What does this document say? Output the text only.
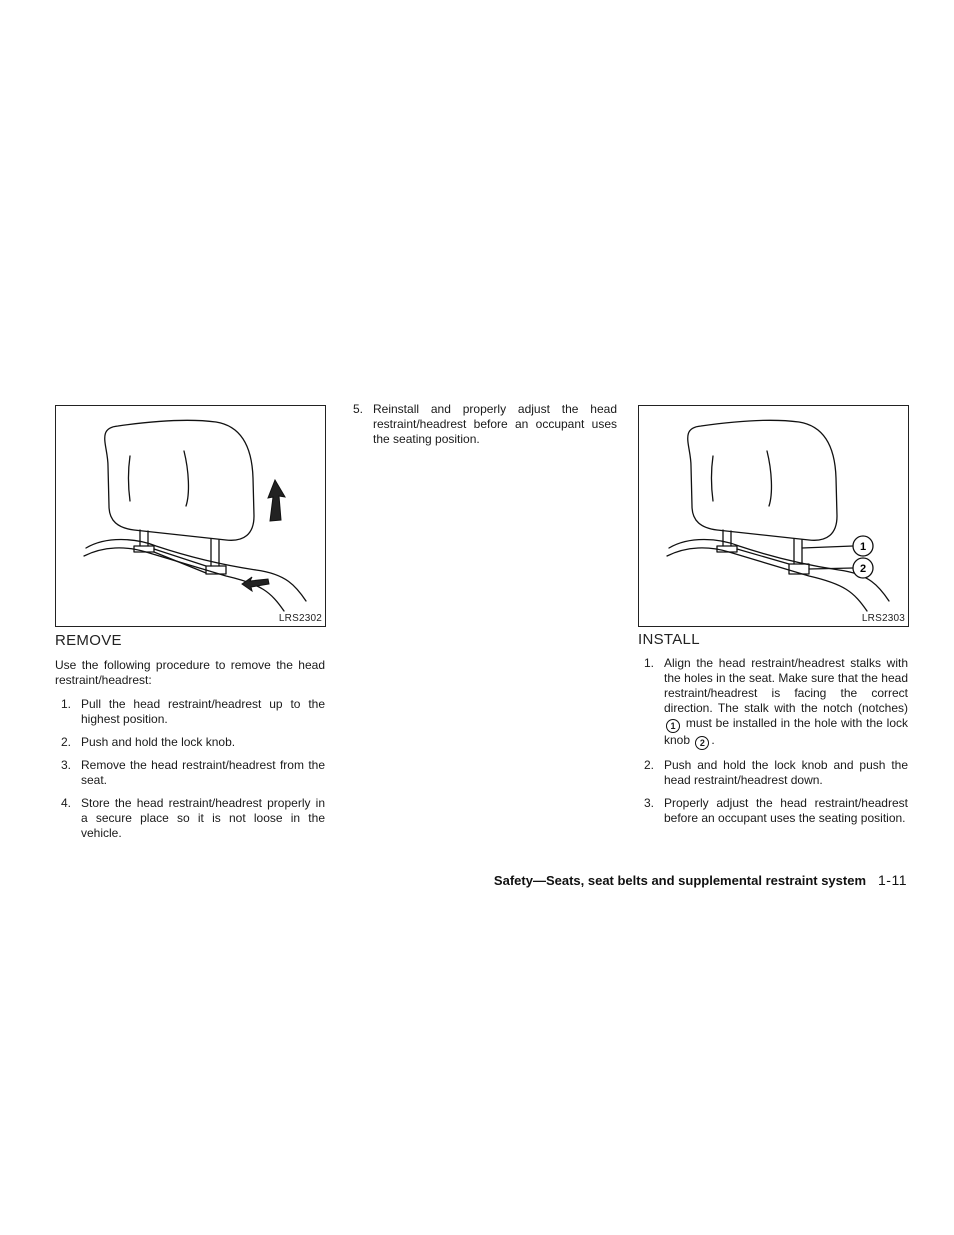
LRS2302
REMOVE
Use the following procedure to remove the head restraint/headrest:
1. Pull the head restraint/headrest up to the highest position.
2. Push and hold the lock knob.
3. Remove the head restraint/headrest from the seat.
4. Store the head restraint/headrest properly in a secure place so it is not loose in the vehicle.
5. Reinstall and properly adjust the head restraint/headrest before an occupant uses the seating position.
1
2
LRS2303
INSTALL
1. Align the head restraint/headrest stalks with the holes in the seat. Make sure that the head restraint/headrest is facing the correct direction. The stalk with the notch (notches) 1 must be installed in the hole with the lock knob 2 .
2. Push and hold the lock knob and push the head restraint/headrest down.
3. Properly adjust the head restraint/headrest before an occupant uses the seating position.
Safety—Seats, seat belts and supplemental restraint system 1-11
